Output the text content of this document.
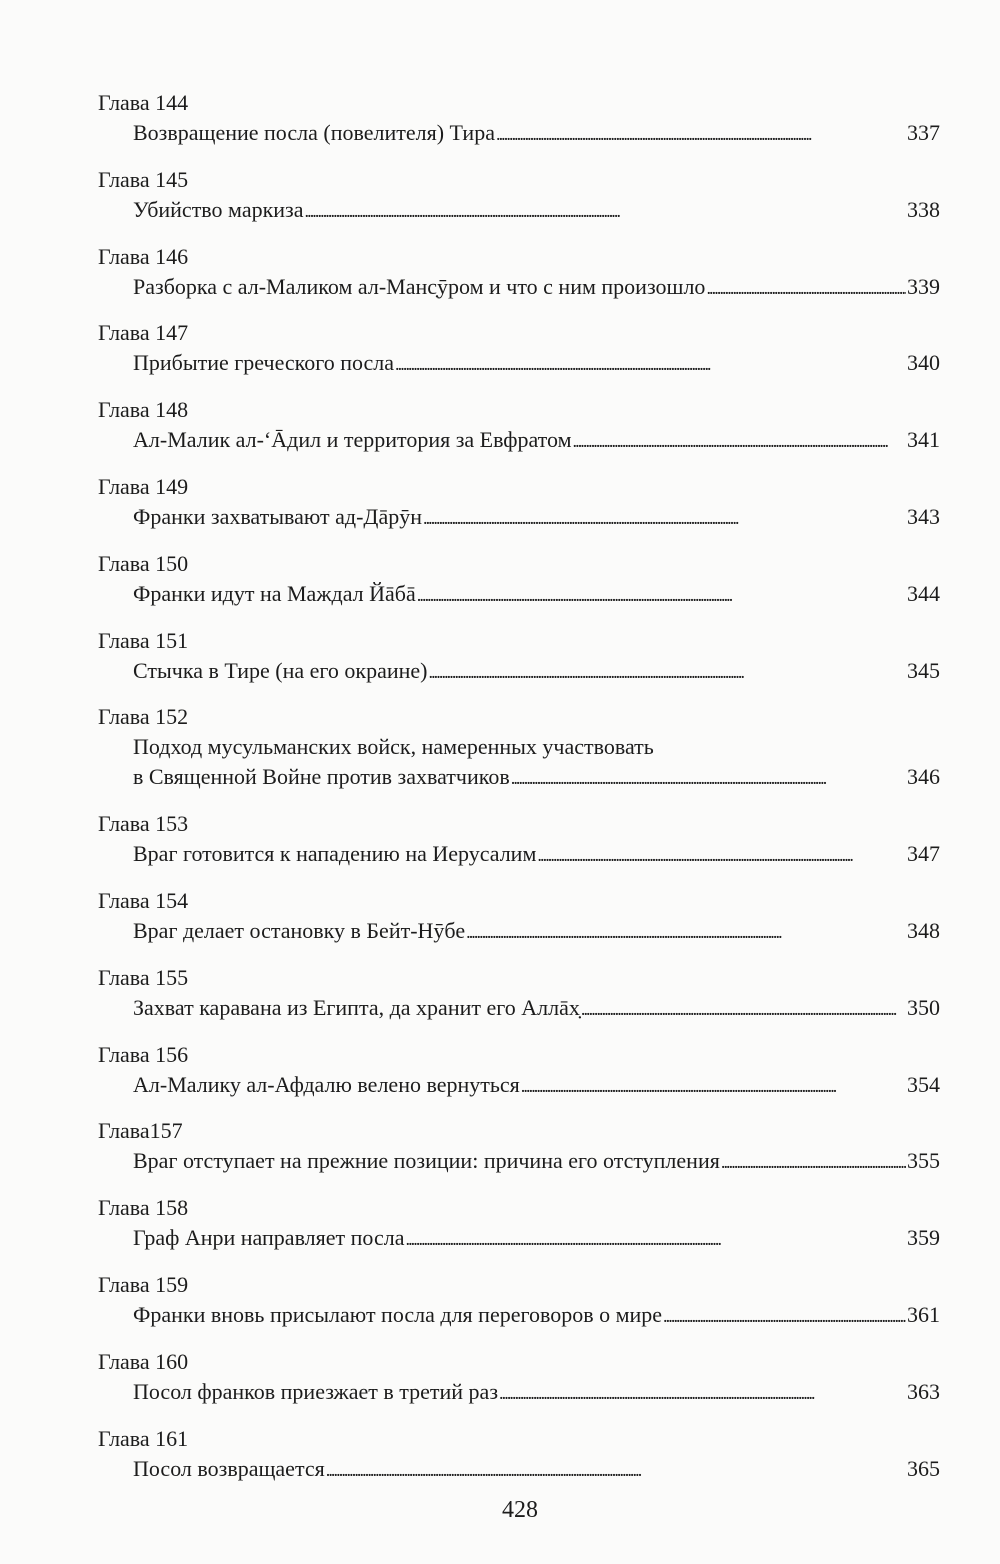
Глава 144
Возвращение посла (повелителя) Тира . . .	337
Глава 145
Убийство маркиза . . .	338
Глава 146
Разборка с ал-Маликом ал-Манс̣ӯром и что с ним произошло . . .	339
Глава 147
Прибытие греческого посла . . .	340
Глава 148
Ал-Малик ал-‘Āдил и территория за Евфратом . . .	341
Глава 149
Франки захватывают ад-Дāрӯн . . .	343
Глава 150
Франки идут на Маждал Йāбā . . .	344
Глава 151
Стычка в Тире (на его окраине) . . .	345
Глава 152
Подход мусульманских войск, намеренных участвовать
в Священной Войне против захватчиков . . .	346
Глава 153
Враг готовится к нападению на Иерусалим . . .	347
Глава 154
Враг делает остановку в Бейт-Нӯбе . . .	348
Глава 155
Захват каравана из Египта, да хранит его Аллāх̣ . . .	350
Глава 156
Ал-Малику ал-Афдалю велено вернуться . . .	354
Глава157
Враг отступает на прежние позиции: причина его отступления . . .	355
Глава 158
Граф Анри направляет посла . . .	359
Глава 159
Франки вновь присылают посла для переговоров о мире . . .	361
Глава 160
Посол франков приезжает в третий раз . . .	363
Глава 161
Посол возвращается . . .	365
428
